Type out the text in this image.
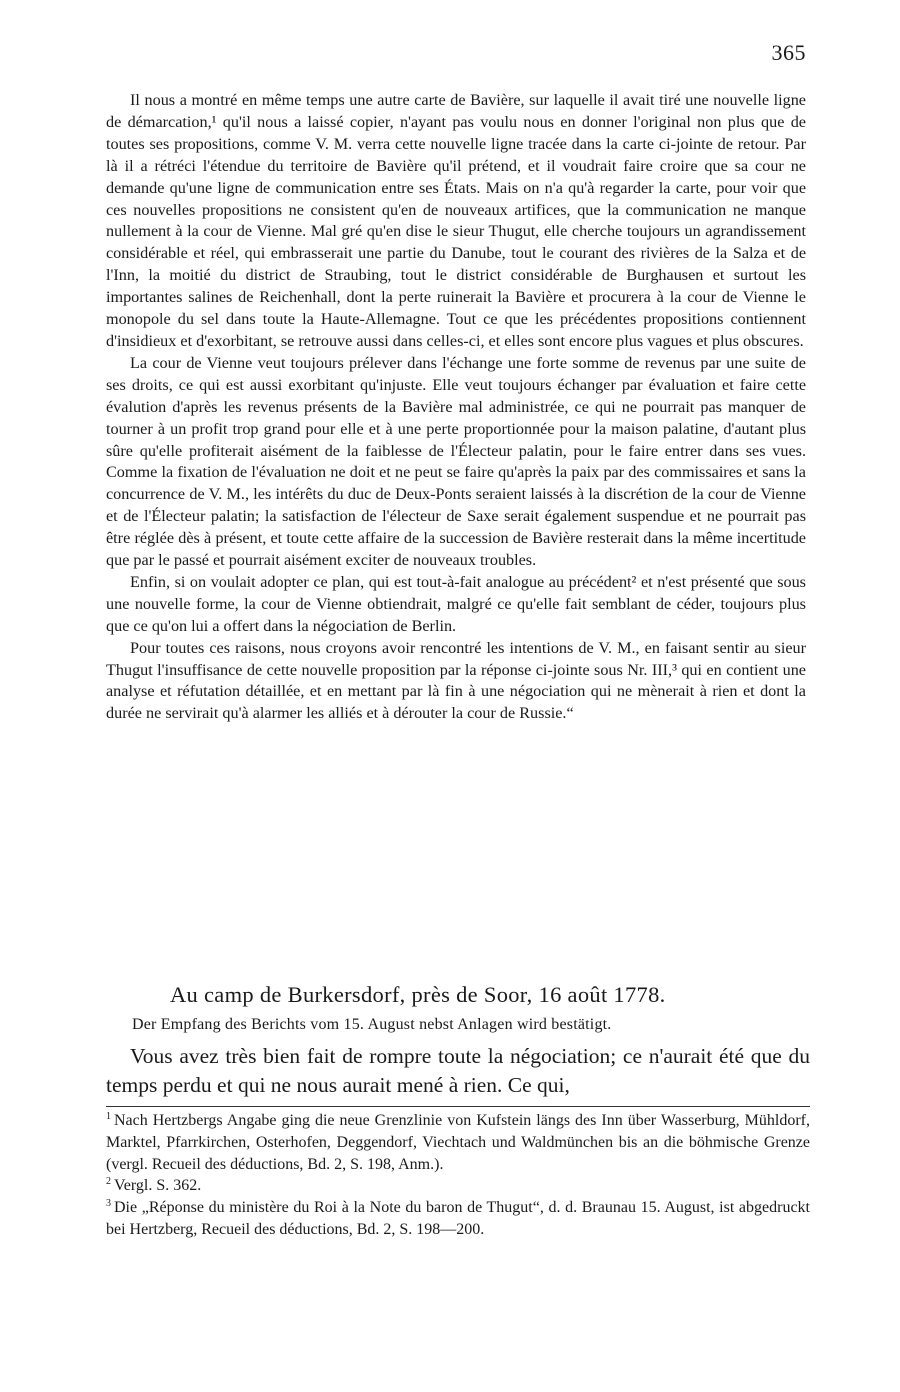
365

Il nous a montré en même temps une autre carte de Bavière, sur laquelle il avait tiré une nouvelle ligne de démarcation,¹ qu'il nous a laissé copier, n'ayant pas voulu nous en donner l'original non plus que de toutes ses propositions, comme V. M. verra cette nouvelle ligne tracée dans la carte ci-jointe de retour. Par là il a rétréci l'étendue du territoire de Bavière qu'il prétend, et il voudrait faire croire que sa cour ne demande qu'une ligne de communication entre ses États. Mais on n'a qu'à regarder la carte, pour voir que ces nouvelles propositions ne consistent qu'en de nouveaux artifices, que la communication ne manque nullement à la cour de Vienne. Mal gré qu'en dise le sieur Thugut, elle cherche toujours un agrandissement considérable et réel, qui embrasserait une partie du Danube, tout le courant des rivières de la Salza et de l'Inn, la moitié du district de Straubing, tout le district considérable de Burghausen et surtout les importantes salines de Reichenhall, dont la perte ruinerait la Bavière et procurera à la cour de Vienne le monopole du sel dans toute la Haute-Allemagne. Tout ce que les précédentes propositions contiennent d'insidieux et d'exorbitant, se retrouve aussi dans celles-ci, et elles sont encore plus vagues et plus obscures.

La cour de Vienne veut toujours prélever dans l'échange une forte somme de revenus par une suite de ses droits, ce qui est aussi exorbitant qu'injuste. Elle veut toujours échanger par évaluation et faire cette évalution d'après les revenus présents de la Bavière mal administrée, ce qui ne pourrait pas manquer de tourner à un profit trop grand pour elle et à une perte proportionnée pour la maison palatine, d'autant plus sûre qu'elle profiterait aisément de la faiblesse de l'Électeur palatin, pour le faire entrer dans ses vues. Comme la fixation de l'évaluation ne doit et ne peut se faire qu'après la paix par des commissaires et sans la concurrence de V. M., les intérêts du duc de Deux-Ponts seraient laissés à la discrétion de la cour de Vienne et de l'Électeur palatin; la satisfaction de l'électeur de Saxe serait également suspendue et ne pourrait pas être réglée dès à présent, et toute cette affaire de la succession de Bavière resterait dans la même incertitude que par le passé et pourrait aisément exciter de nouveaux troubles.

Enfin, si on voulait adopter ce plan, qui est tout-à-fait analogue au précédent² et n'est présenté que sous une nouvelle forme, la cour de Vienne obtiendrait, malgré ce qu'elle fait semblant de céder, toujours plus que ce qu'on lui a offert dans la négociation de Berlin.

Pour toutes ces raisons, nous croyons avoir rencontré les intentions de V. M., en faisant sentir au sieur Thugut l'insuffisance de cette nouvelle proposition par la réponse ci-jointe sous Nr. III,³ qui en contient une analyse et réfutation détaillée, et en mettant par là fin à une négociation qui ne mènerait à rien et dont la durée ne servirait qu'à alarmer les alliés et à dérouter la cour de Russie.“

Au camp de Burkersdorf, près de Soor, 16 août 1778.
Der Empfang des Berichts vom 15. August nebst Anlagen wird bestätigt.
Vous avez très bien fait de rompre toute la négociation; ce n'aurait été que du temps perdu et qui ne nous aurait mené à rien. Ce qui,

$^1$ Nach Hertzbergs Angabe ging die neue Grenzlinie von Kufstein längs des Inn über Wasserburg, Mühldorf, Marktel, Pfarrkirchen, Osterhofen, Deggendorf, Viechtach und Waldmünchen bis an die böhmische Grenze (vergl. Recueil des déductions, Bd. 2, S. 198, Anm.).

$^2$ Vergl. S. 362.

$^3$ Die „Réponse du ministère du Roi à la Note du baron de Thugut“, d. d. Braunau 15. August, ist abgedruckt bei Hertzberg, Recueil des déductions, Bd. 2, S. 198—200.
